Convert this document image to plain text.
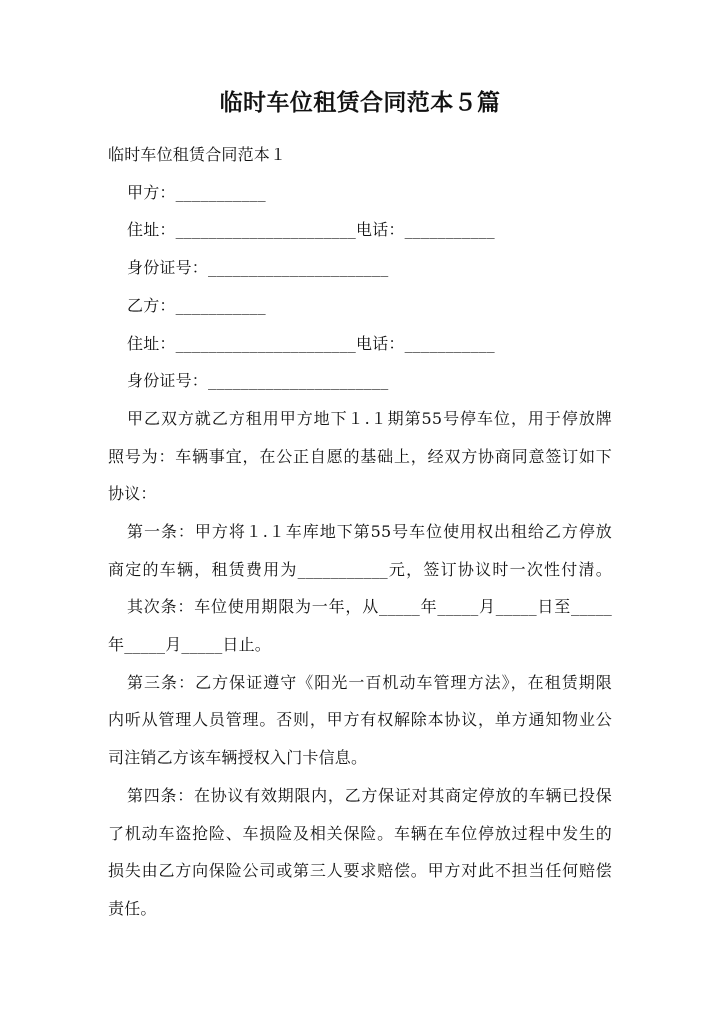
临时车位租赁合同范本５篇
临时车位租赁合同范本１
甲方：___________
住址：______________________电话：___________
身份证号：______________________
乙方：___________
住址：______________________电话：___________
身份证号：______________________
甲乙双方就乙方租用甲方地下１.１期第55号停车位，用于停放牌
照号为：车辆事宜，在公正自愿的基础上，经双方协商同意签订如下
协议：
第一条：甲方将１.１车库地下第55号车位使用权出租给乙方停放
商定的车辆，租赁费用为___________元，签订协议时一次性付清。
其次条：车位使用期限为一年，从_____年_____月_____日至_____
年_____月_____日止。
第三条：乙方保证遵守《阳光一百机动车管理方法》，在租赁期限
内听从管理人员管理。否则，甲方有权解除本协议，单方通知物业公
司注销乙方该车辆授权入门卡信息。
第四条：在协议有效期限内，乙方保证对其商定停放的车辆已投保
了机动车盗抢险、车损险及相关保险。车辆在车位停放过程中发生的
损失由乙方向保险公司或第三人要求赔偿。甲方对此不担当任何赔偿
责任。
